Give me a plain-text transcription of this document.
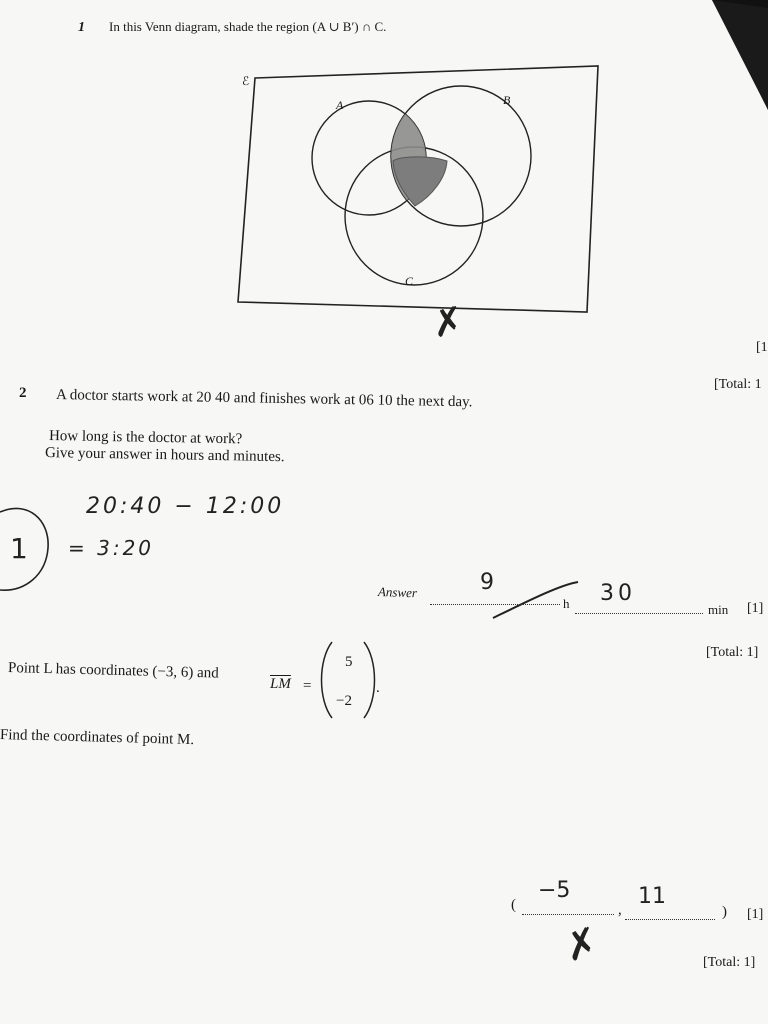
1 In this Venn diagram, shade the region (A ∪ B′) ∩ C.
ℰ
A	B
C
✗
[1
[Total: 1
2 A doctor starts work at 20 40 and finishes work at 06 10 the next day.
How long is the doctor at work?
Give your answer in hours and minutes.
20:40 − 12:00
= 3:20
1
Answer	9
h 30
min [1]
[Total: 1]
Point L has coordinates (−3, 6) and
$\overline{LM}$ =
5
−2
.
Find the coordinates of point M.
(
−5
,
11
) [1]
✗	[Total: 1]
